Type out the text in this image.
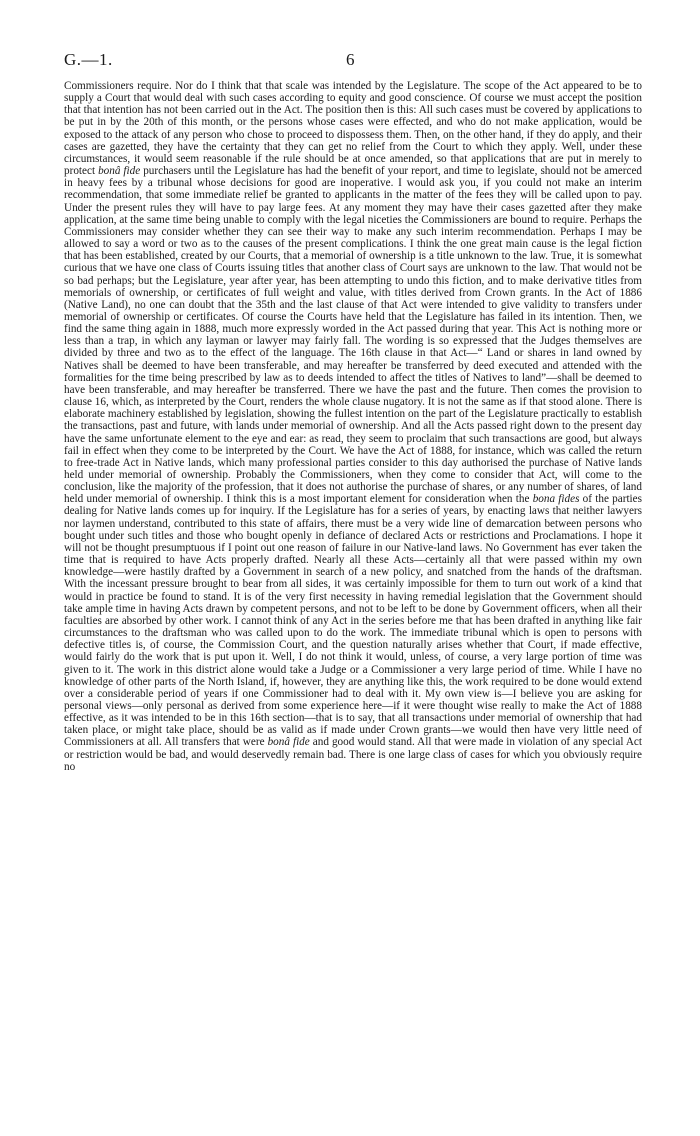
G.—1.	6

Commissioners require. Nor do I think that that scale was intended by the Legislature. The scope of the Act appeared to be to supply a Court that would deal with such cases according to equity and good conscience. Of course we must accept the position that that intention has not been carried out in the Act. The position then is this: All such cases must be covered by applications to be put in by the 20th of this month, or the persons whose cases were effected, and who do not make application, would be exposed to the attack of any person who chose to proceed to dispossess them. Then, on the other hand, if they do apply, and their cases are gazetted, they have the certainty that they can get no relief from the Court to which they apply. Well, under these circumstances, it would seem reasonable if the rule should be at once amended, so that applications that are put in merely to protect bonâ fide purchasers until the Legislature has had the benefit of your report, and time to legislate, should not be amerced in heavy fees by a tribunal whose decisions for good are inoperative. I would ask you, if you could not make an interim recommendation, that some immediate relief be granted to applicants in the matter of the fees they will be called upon to pay. Under the present rules they will have to pay large fees. At any moment they may have their cases gazetted after they make application, at the same time being unable to comply with the legal niceties the Commissioners are bound to require. Perhaps the Commissioners may consider whether they can see their way to make any such interim recommendation. Perhaps I may be allowed to say a word or two as to the causes of the present complications. I think the one great main cause is the legal fiction that has been established, created by our Courts, that a memorial of ownership is a title unknown to the law. True, it is somewhat curious that we have one class of Courts issuing titles that another class of Court says are unknown to the law. That would not be so bad perhaps; but the Legislature, year after year, has been attempting to undo this fiction, and to make derivative titles from memorials of ownership, or certificates of full weight and value, with titles derived from Crown grants. In the Act of 1886 (Native Land), no one can doubt that the 35th and the last clause of that Act were intended to give validity to transfers under memorial of ownership or certificates. Of course the Courts have held that the Legislature has failed in its intention. Then, we find the same thing again in 1888, much more expressly worded in the Act passed during that year. This Act is nothing more or less than a trap, in which any layman or lawyer may fairly fall. The wording is so expressed that the Judges themselves are divided by three and two as to the effect of the language. The 16th clause in that Act—“ Land or shares in land owned by Natives shall be deemed to have been transferable, and may hereafter be transferred by deed executed and attended with the formalities for the time being prescribed by law as to deeds intended to affect the titles of Natives to land”—shall be deemed to have been transferable, and may hereafter be transferred. There we have the past and the future. Then comes the provision to clause 16, which, as interpreted by the Court, renders the whole clause nugatory. It is not the same as if that stood alone. There is elaborate machinery established by legislation, showing the fullest intention on the part of the Legislature practically to establish the transactions, past and future, with lands under memorial of ownership. And all the Acts passed right down to the present day have the same unfortunate element to the eye and ear: as read, they seem to proclaim that such transactions are good, but always fail in effect when they come to be interpreted by the Court. We have the Act of 1888, for instance, which was called the return to free-trade Act in Native lands, which many professional parties consider to this day authorised the purchase of Native lands held under memorial of ownership. Probably the Commissioners, when they come to consider that Act, will come to the conclusion, like the majority of the profession, that it does not authorise the purchase of shares, or any number of shares, of land held under memorial of ownership. I think this is a most important element for consideration when the bona fides of the parties dealing for Native lands comes up for inquiry. If the Legislature has for a series of years, by enacting laws that neither lawyers nor laymen understand, contributed to this state of affairs, there must be a very wide line of demarcation between persons who bought under such titles and those who bought openly in defiance of declared Acts or restrictions and Proclamations. I hope it will not be thought presumptuous if I point out one reason of failure in our Native-land laws. No Government has ever taken the time that is required to have Acts properly drafted. Nearly all these Acts—certainly all that were passed within my own knowledge—were hastily drafted by a Government in search of a new policy, and snatched from the hands of the draftsman. With the incessant pressure brought to bear from all sides, it was certainly impossible for them to turn out work of a kind that would in practice be found to stand. It is of the very first necessity in having remedial legislation that the Government should take ample time in having Acts drawn by competent persons, and not to be left to be done by Government officers, when all their faculties are absorbed by other work. I cannot think of any Act in the series before me that has been drafted in anything like fair circumstances to the draftsman who was called upon to do the work. The immediate tribunal which is open to persons with defective titles is, of course, the Commission Court, and the question naturally arises whether that Court, if made effective, would fairly do the work that is put upon it. Well, I do not think it would, unless, of course, a very large portion of time was given to it. The work in this district alone would take a Judge or a Commissioner a very large period of time. While I have no knowledge of other parts of the North Island, if, however, they are anything like this, the work required to be done would extend over a considerable period of years if one Commissioner had to deal with it. My own view is—I believe you are asking for personal views—only personal as derived from some experience here—if it were thought wise really to make the Act of 1888 effective, as it was intended to be in this 16th section—that is to say, that all transactions under memorial of ownership that had taken place, or might take place, should be as valid as if made under Crown grants—we would then have very little need of Commissioners at all. All transfers that were bonâ fide and good would stand. All that were made in violation of any special Act or restriction would be bad, and would deservedly remain bad. There is one large class of cases for which you obviously require no
